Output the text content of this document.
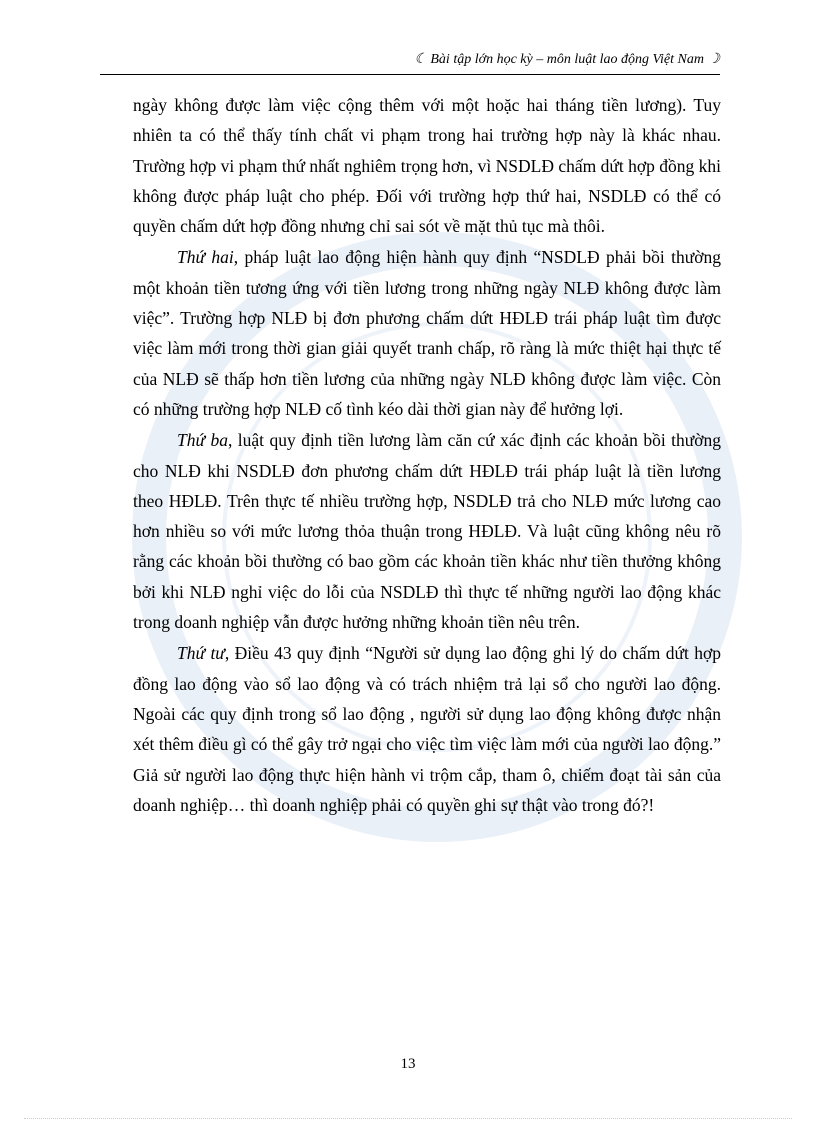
☾ Bài tập lớn học kỳ – môn luật lao động Việt Nam ☽

ngày không được làm việc cộng thêm với một hoặc hai tháng tiền lương). Tuy nhiên ta có thể thấy tính chất vi phạm trong hai trường hợp này là khác nhau. Trường hợp vi phạm thứ nhất nghiêm trọng hơn, vì NSDLĐ chấm dứt hợp đồng khi không được pháp luật cho phép. Đối với trường hợp thứ hai, NSDLĐ có thể có quyền chấm dứt hợp đồng nhưng chỉ sai sót về mặt thủ tục mà thôi.

Thứ hai, pháp luật lao động hiện hành quy định “NSDLĐ phải bồi thường một khoản tiền tương ứng với tiền lương trong những ngày NLĐ không được làm việc”. Trường hợp NLĐ bị đơn phương chấm dứt HĐLĐ trái pháp luật tìm được việc làm mới trong thời gian giải quyết tranh chấp, rõ ràng là mức thiệt hại thực tế của NLĐ sẽ thấp hơn tiền lương của những ngày NLĐ không được làm việc. Còn có những trường hợp NLĐ cố tình kéo dài thời gian này để hưởng lợi.

Thứ ba, luật quy định tiền lương làm căn cứ xác định các khoản bồi thường cho NLĐ khi NSDLĐ đơn phương chấm dứt HĐLĐ trái pháp luật là tiền lương theo HĐLĐ. Trên thực tế nhiều trường hợp, NSDLĐ trả cho NLĐ mức lương cao hơn nhiều so với mức lương thỏa thuận trong HĐLĐ. Và luật cũng không nêu rõ rằng các khoản bồi thường có bao gồm các khoản tiền khác như tiền thưởng không bởi khi NLĐ nghỉ việc do lỗi của NSDLĐ thì thực tế những người lao động khác trong doanh nghiệp vẫn được hưởng những khoản tiền nêu trên.

Thứ tư, Điều 43 quy định “Người sử dụng lao động ghi lý do chấm dứt hợp đồng lao động vào sổ lao động và có trách nhiệm trả lại sổ cho người lao động. Ngoài các quy định trong sổ lao động , người sử dụng lao động không được nhận xét thêm điều gì có thể gây trở ngại cho việc tìm việc làm mới của người lao động.” Giả sử người lao động thực hiện hành vi trộm cắp, tham ô, chiếm đoạt tài sản của doanh nghiệp… thì doanh nghiệp phải có quyền ghi sự thật vào trong đó?!

13
